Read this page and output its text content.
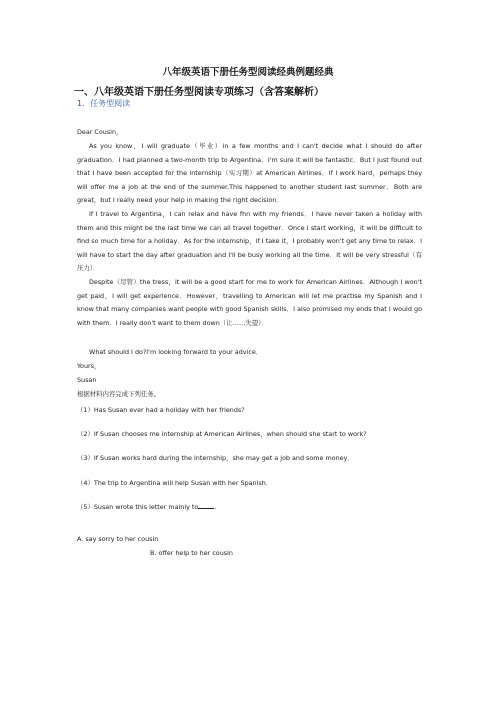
八年级英语下册任务型阅读经典例题经典
一、八年级英语下册任务型阅读专项练习（含答案解析）
1．任务型阅读
Dear Cousin，
As you know，I will graduate（毕业）in a few months and I can't decide what I should do after graduation．I had planned a two-month trip to Argentina．I'm sure it will be fantastic．But I just found out that I have been accepted for the internship（实习期）at American Airlines．If I work hard，perhaps they will offer me a job at the end of the summer.This happened to another student last summer．Both are great，but I really need your help in making the right decision．
If I travel to Argentina，I can relax and have fhn with my friends．I have never taken a holiday with them and this might be the last time we can all travel together．Once I start working，it will be difficult to find so much time for a holiday．As for the internship，if I take it，I probably won't get any time to relax．I will have to start the day after graduation and I'll be busy working all the time．It will be very stressful（有压力）．
Despite（尽管）the tress，it will be a good start for me to work for American Airlines．Although I won't get paid，I will get experience．However，travelling to American will let me practise my Spanish and I know that many companies want people with good Spanish skills．I also promised my ends that I would go with them．I really don't want to them down（让……失望）．
What should I do?I'm looking forward to your advice．
Yours，
Susan
根据材料内容完成下列任务。
（1）Has Susan ever had a holiday with her friends?
（2）If Susan chooses me internship at American Airlines，when should she start to work?
（3）If Susan works hard during the internship，she may get a job and some money．
（4）The trip to Argentina will help Susan with her Spanish．
（5）Susan wrote this letter mainly to	．
A. say sorry to her cousin
B. offer help to her cousin
